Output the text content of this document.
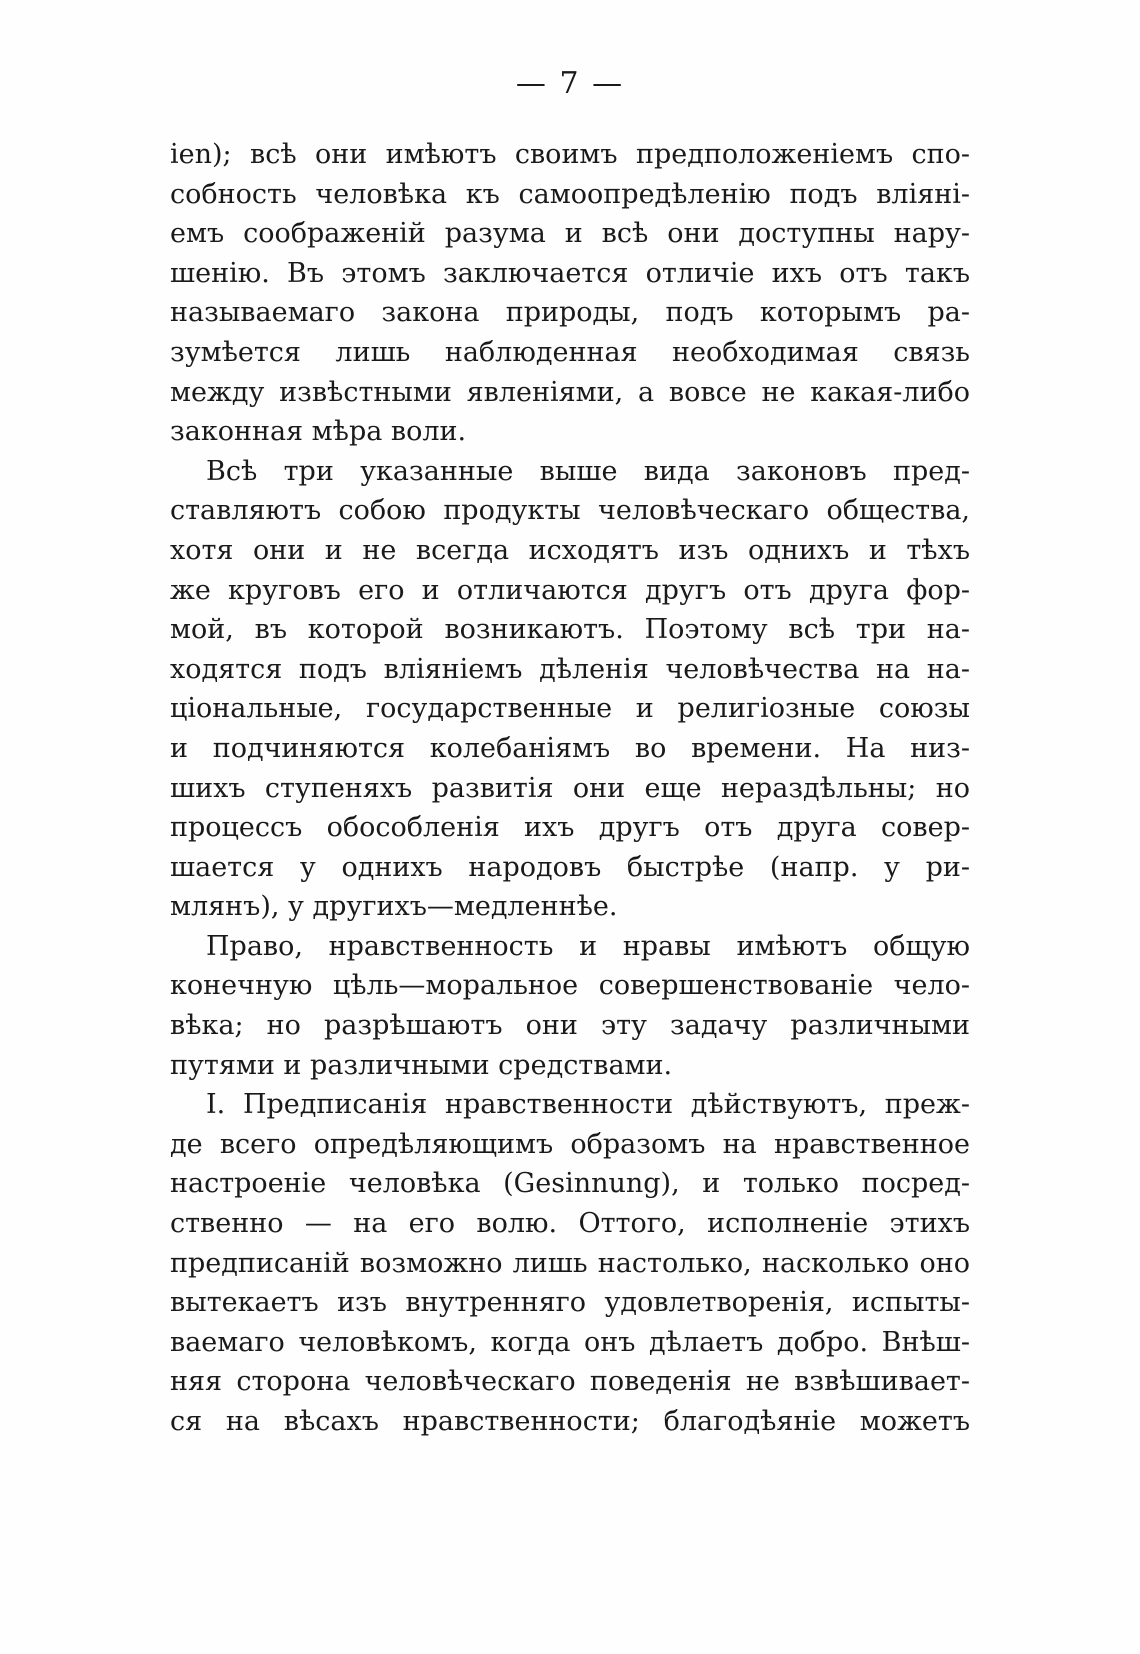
— 7 —
ien); всѣ они имѣютъ своимъ предположенiемъ спо-
собность человѣка къ самоопредѣленiю подъ влiянi-
емъ соображенiй разума и всѣ они доступны нару-
шенiю. Въ этомъ заключается отличiе ихъ отъ такъ
называемаго закона природы, подъ которымъ ра-
зумѣется лишь наблюденная необходимая связь
между извѣстными явленiями, а вовсе не какая-либо
законная мѣра воли.
Всѣ три указанные выше вида законовъ пред-
ставляютъ собою продукты человѣческаго общества,
хотя они и не всегда исходятъ изъ однихъ и тѣхъ
же круговъ его и отличаются другъ отъ друга фор-
мой, въ которой возникаютъ. Поэтому всѣ три на-
ходятся подъ влiянiемъ дѣленiя человѣчества на на-
цiональные, государственные и религiозные союзы
и подчиняются колебанiямъ во времени. На низ-
шихъ ступеняхъ развитiя они еще нераздѣльны; но
процессъ обособленiя ихъ другъ отъ друга совер-
шается у однихъ народовъ быстрѣе (напр. у ри-
млянъ), у другихъ—медленнѣе.
Право, нравственность и нравы имѣютъ общую
конечную цѣль—моральное совершенствованiе чело-
вѣка; но разрѣшаютъ они эту задачу различными
путями и различными средствами.
I. Предписанiя нравственности дѣйствуютъ, преж-
де всего опредѣляющимъ образомъ на нравственное
настроенiе человѣка (Gesinnung), и только посред-
ственно — на его волю. Оттого, исполненiе этихъ
предписанiй возможно лишь настолько, насколько оно
вытекаетъ изъ внутренняго удовлетворенiя, испыты-
ваемаго человѣкомъ, когда онъ дѣлаетъ добро. Внѣш-
няя сторона человѣческаго поведенiя не взвѣшивает-
ся на вѣсахъ нравственности; благодѣянiе можетъ
